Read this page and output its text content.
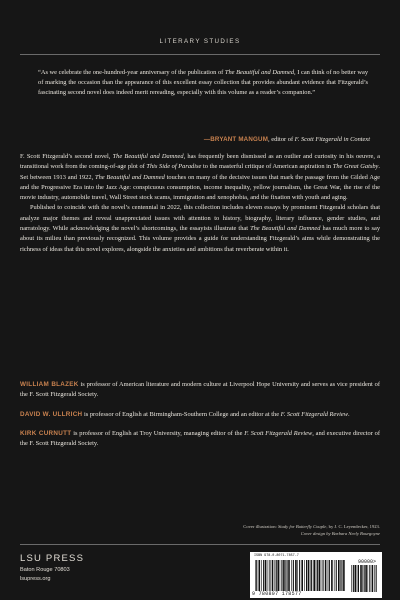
LITERARY STUDIES
“As we celebrate the one-hundred-year anniversary of the publication of The Beautiful and Damned, I can think of no better way of marking the occasion than the appearance of this excellent essay collection that provides abundant evidence that Fitzgerald’s fascinating second novel does indeed merit rereading, especially with this volume as a reader’s companion.”
—BRYANT MANGUM, editor of F. Scott Fitzgerald in Context

F. Scott Fitzgerald’s second novel, The Beautiful and Damned, has frequently been dismissed as an outlier and curiosity in his oeuvre, a transitional work from the coming-of-age plot of This Side of Paradise to the masterful critique of American aspiration in The Great Gatsby. Set between 1913 and 1922, The Beautiful and Damned touches on many of the decisive issues that mark the passage from the Gilded Age and the Progressive Era into the Jazz Age: conspicuous consumption, income inequality, yellow journalism, the Great War, the rise of the movie industry, automobile travel, Wall Street stock scams, immigration and xenophobia, and the fixation with youth and aging.

Published to coincide with the novel’s centennial in 2022, this collection includes eleven essays by prominent Fitzgerald scholars that analyze major themes and reveal unappreciated issues with attention to history, biography, literary influence, gender studies, and narratology. While acknowledging the novel’s shortcomings, the essayists illustrate that The Beautiful and Damned has much more to say about its milieu than previously recognized. This volume provides a guide for understanding Fitzgerald’s aims while demonstrating the richness of ideas that this novel explores, alongside the anxieties and ambitions that reverberate within it.

WILLIAM BLAZEK is professor of American literature and modern culture at Liverpool Hope University and serves as vice president of the F. Scott Fitzgerald Society.
DAVID W. ULLRICH is professor of English at Birmingham-Southern College and an editor at the F. Scott Fitzgerald Review.
KIRK CURNUTT is professor of English at Troy University, managing editor of the F. Scott Fitzgerald Review, and executive director of the F. Scott Fitzgerald Society.
Cover illustration: Study for Butterfly Couple, by J. C. Leyendecker, 1923.
Cover design by Barbara Neely Bourgoyne
LSU PRESS
Baton Rouge 70803
lsupress.org
ISBN 978-0-8071-7857-7
90000>
9 780807 178577
